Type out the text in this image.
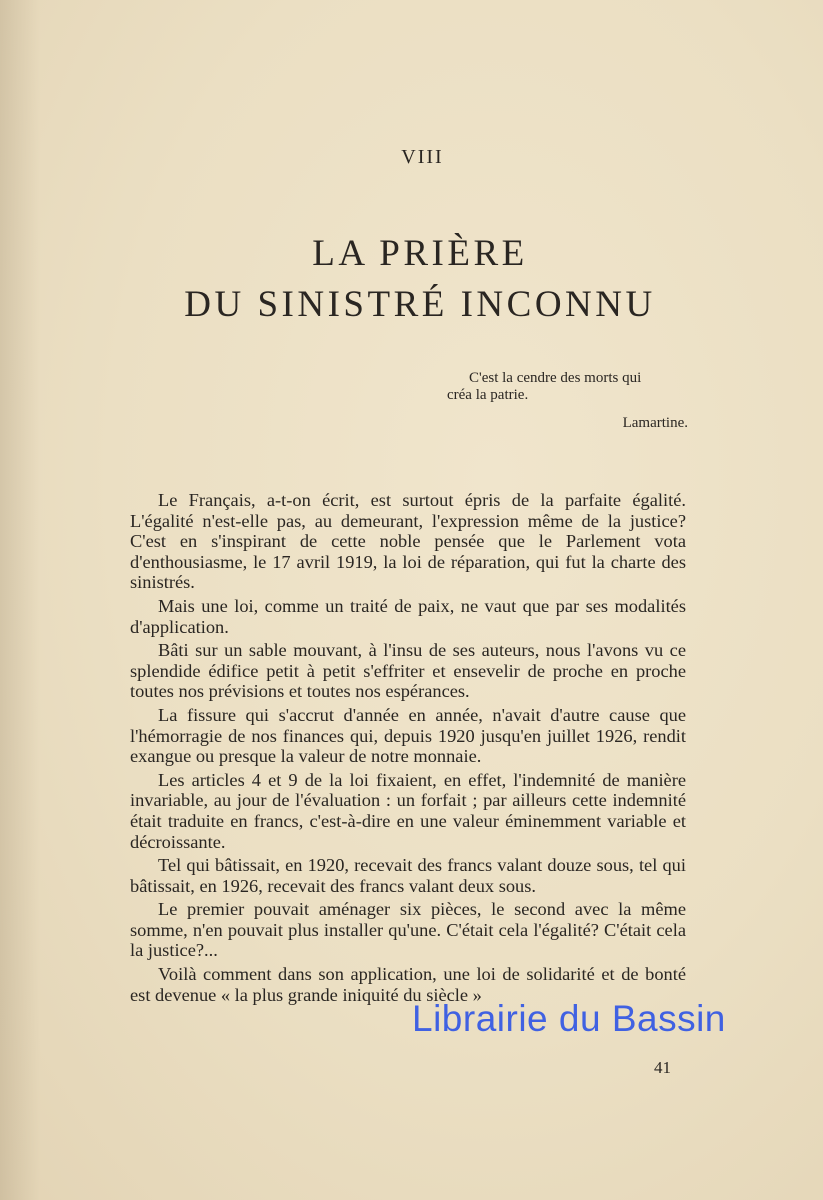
VIII
LA PRIÈRE
DU SINISTRÉ INCONNU
C'est la cendre des morts qui
créa la patrie.
Lamartine.

Le Français, a-t-on écrit, est surtout épris de la parfaite égalité. L'égalité n'est-elle pas, au demeurant, l'expression même de la justice? C'est en s'inspirant de cette noble pensée que le Parlement vota d'enthousiasme, le 17 avril 1919, la loi de réparation, qui fut la charte des sinistrés.

Mais une loi, comme un traité de paix, ne vaut que par ses modalités d'application.

Bâti sur un sable mouvant, à l'insu de ses auteurs, nous l'avons vu ce splendide édifice petit à petit s'effriter et ensevelir de proche en proche toutes nos prévisions et toutes nos espérances.

La fissure qui s'accrut d'année en année, n'avait d'autre cause que l'hémorragie de nos finances qui, depuis 1920 jusqu'en juillet 1926, rendit exangue ou presque la valeur de notre monnaie.

Les articles 4 et 9 de la loi fixaient, en effet, l'indemnité de manière invariable, au jour de l'évaluation : un forfait ; par ailleurs cette indemnité était traduite en francs, c'est-à-dire en une valeur éminemment variable et décroissante.

Tel qui bâtissait, en 1920, recevait des francs valant douze sous, tel qui bâtissait, en 1926, recevait des francs valant deux sous.

Le premier pouvait aménager six pièces, le second avec la même somme, n'en pouvait plus installer qu'une. C'était cela l'égalité? C'était cela la justice?...

Voilà comment dans son application, une loi de solidarité et de bonté est devenue « la plus grande iniquité du siècle »

Librairie du Bassin
41
